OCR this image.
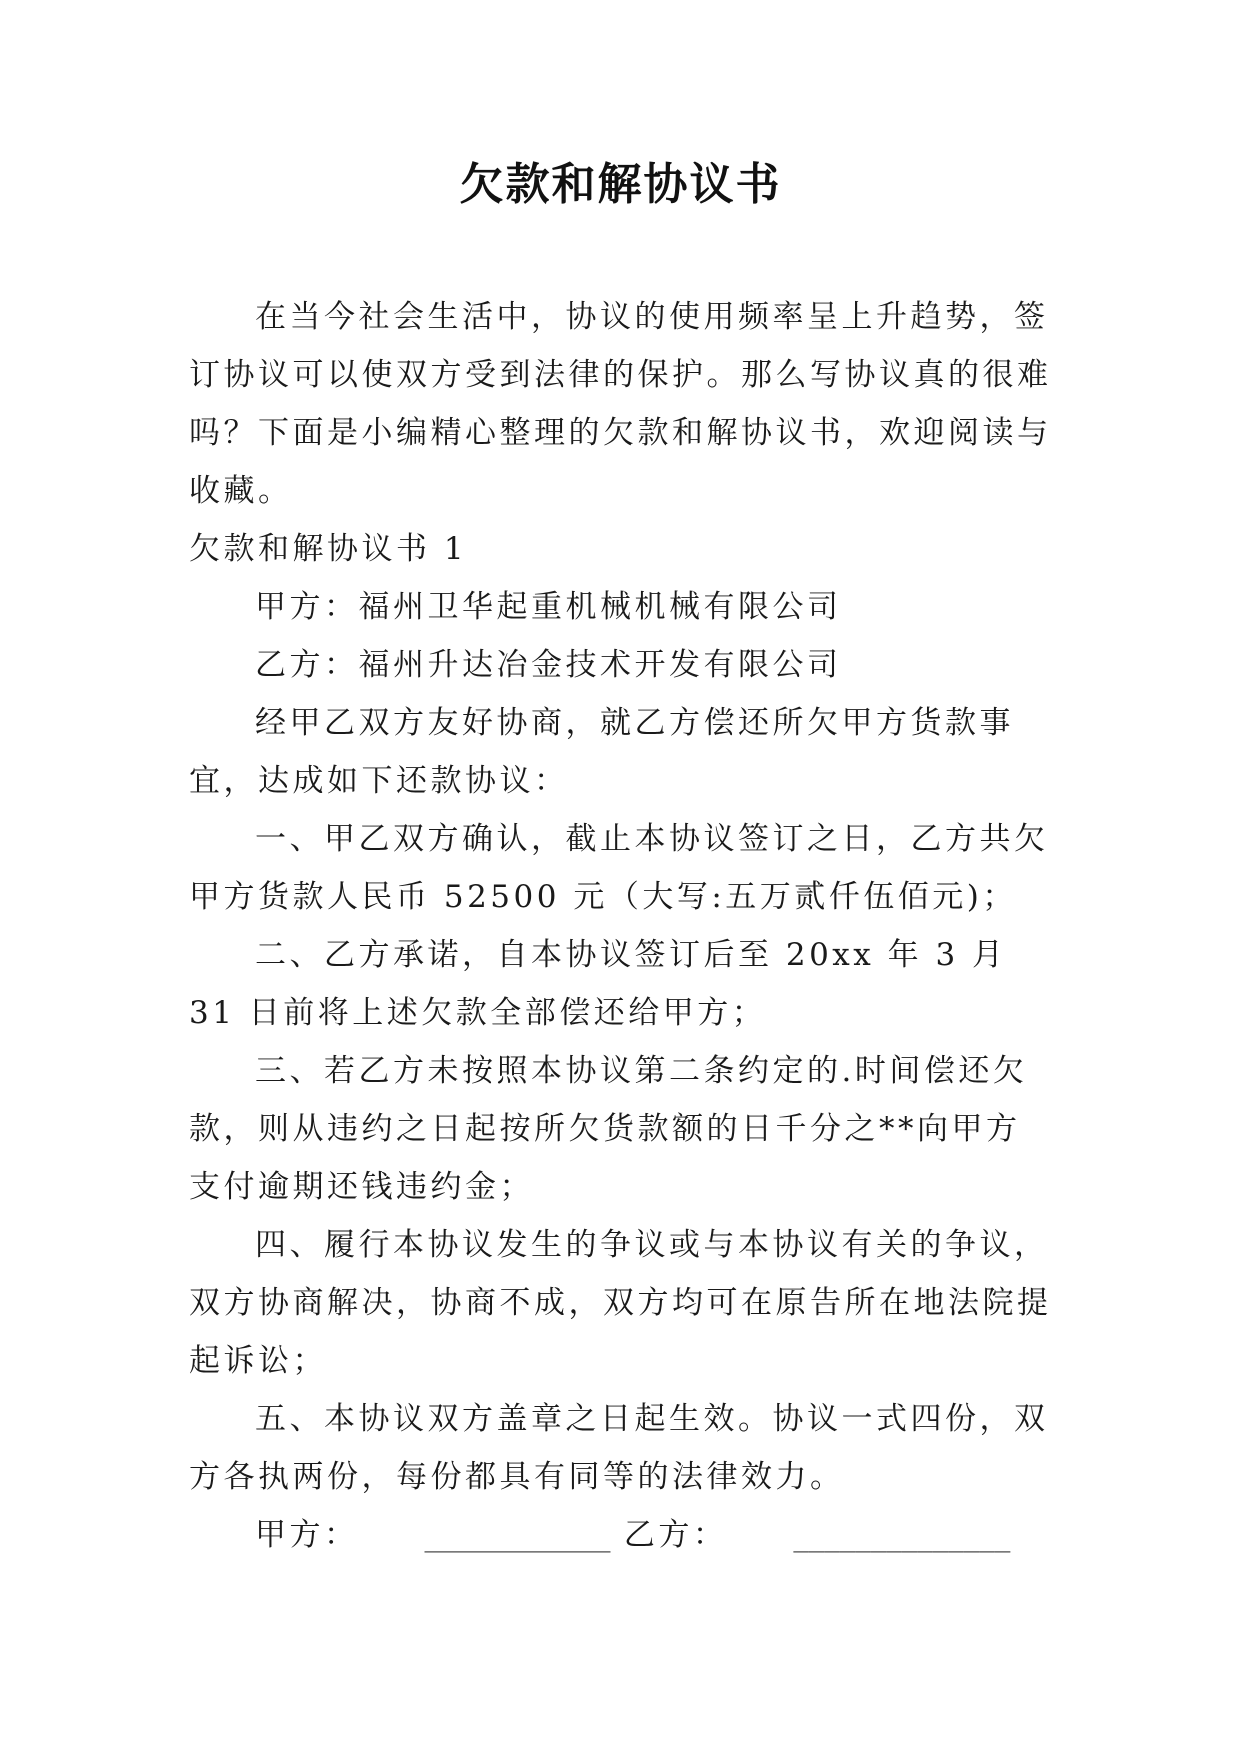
欠款和解协议书

在当今社会生活中，协议的使用频率呈上升趋势，签订协议可以使双方受到法律的保护。那么写协议真的很难吗？下面是小编精心整理的欠款和解协议书，欢迎阅读与收藏。

欠款和解协议书 1

甲方：福州卫华起重机械机械有限公司

乙方：福州升达冶金技术开发有限公司

经甲乙双方友好协商，就乙方偿还所欠甲方货款事宜，达成如下还款协议：

一、甲乙双方确认，截止本协议签订之日，乙方共欠甲方货款人民币 52500 元（大写:五万贰仟伍佰元)；

二、乙方承诺，自本协议签订后至 20xx 年 3 月 31 日前将上述欠款全部偿还给甲方；

三、若乙方未按照本协议第二条约定的.时间偿还欠款，则从违约之日起按所欠货款额的日千分之**向甲方支付逾期还钱违约金；

四、履行本协议发生的争议或与本协议有关的争议，双方协商解决，协商不成，双方均可在原告所在地法院提起诉讼；

五、本协议双方盖章之日起生效。协议一式四份，双方各执两份，每份都具有同等的法律效力。

甲方： ____________ 乙方： ______________
